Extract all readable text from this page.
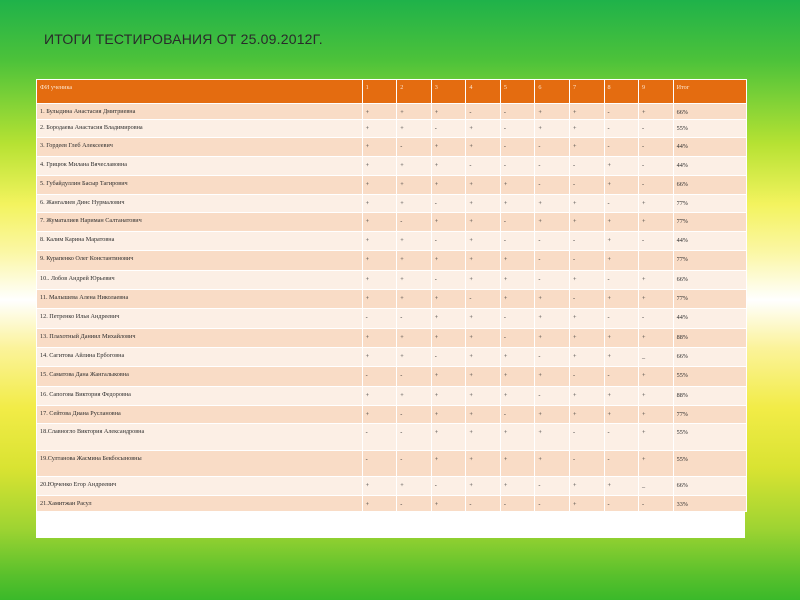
ИТОГИ ТЕСТИРОВАНИЯ ОТ 25.09.2012Г.
ФИ ученика	1	2	3	4	5	6	7	8	9	Итог
1. Булыдина Анастасия Дмитриевна	+	+	+	-	-	+	+	-	+	66%
2. Бородаева Анастасия Владимировна	+	+	-	+	-	+	+	-	-	55%
3. Гордеев Глеб Алексеевич	+	-	+	+	-	-	+	-	-	44%
4. Грицюк Милана Вячеславовна	+	+	+	-	-	-	-	+	-	44%
5. Губайдуллин Басыр Тагирович	+	+	+	+	+	-	-	+	-	66%
6. Жангалиев Динс Нурмалович	+	+	-	+	+	+	+	-	+	77%
7. Жуматалиев Нариман Салтанатович	+	-	+	+	-	+	+	+	+	77%
8. Калим Карина Маратовна	+	+	-	+	-	-	-	+	-	44%
9. Курапенко Олег Константинович	+	+	+	+	+	-	-	+		77%
10.. Лобов Андрей Юрьевич	+	+	-	+	+	-	+	-	+	66%
11. Малышева Алена Николаевна	+	+	+	-	+	+	-	+	+	77%
12. Петренко Илья Андреевич	-	-	+	+	-	+	+	-	-	44%
13. Плахотный Даниил Михайлович	+	+	+	+	-	+	+	+	+	88%
14. Сагитова Айлина Ербоговна	+	+	-	+	+	-	+	+	_	66%
15. Саматова Дана Жангалыковна	-	-	+	+	+	+	-	-	+	55%
16. Сапогова Виктория Федоровна	+	+	+	+	+	-	+	+	+	88%
17. Сейтова Диана Руслановна	+	-	+	+	-	+	+	+	+	77%
18.Славногло Виктория Александровна	-	-	+	+	+	+	-	-	+	55%
19.Султанова Жасмина Бекбосыновны	-	-	+	+	+	+	-	-	+	55%
20.Юрченко Егор Андреевич	+	+	-	+	+	-	+	+	_	66%
21.Хамитжан Расул	+	-	+	-	-	-	+	-	-	33%
